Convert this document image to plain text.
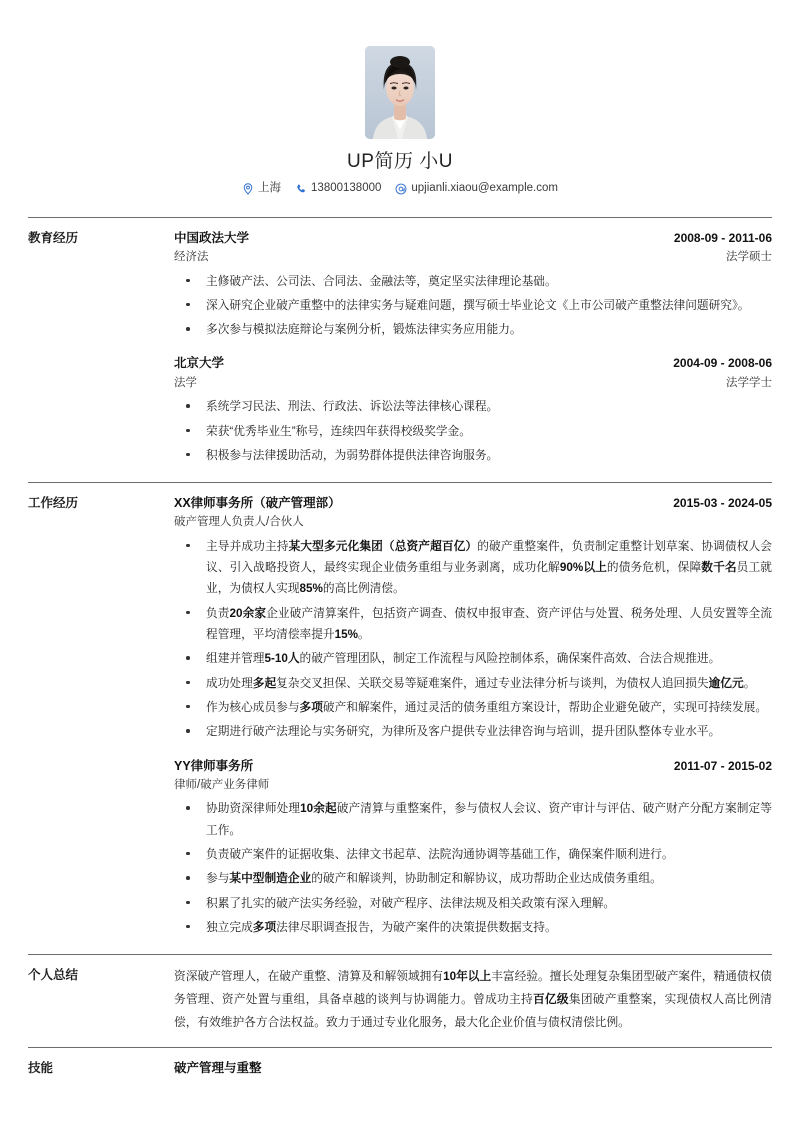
UP简历 小U
上海	13800138000	upjianli.xiaou@example.com
教育经历	中国政法大学	2008-09 - 2011-06
经济法	法学硕士
主修破产法、公司法、合同法、金融法等，奠定坚实法律理论基础。
深入研究企业破产重整中的法律实务与疑难问题，撰写硕士毕业论文《上市公司破产重整法律问题研究》。
多次参与模拟法庭辩论与案例分析，锻炼法律实务应用能力。
北京大学	2004-09 - 2008-06
法学	法学学士
系统学习民法、刑法、行政法、诉讼法等法律核心课程。
荣获“优秀毕业生”称号，连续四年获得校级奖学金。
积极参与法律援助活动，为弱势群体提供法律咨询服务。
工作经历	XX律师事务所（破产管理部）	2015-03 - 2024-05
破产管理人负责人/合伙人
主导并成功主持某大型多元化集团（总资产超百亿）的破产重整案件，负责制定重整计划草案、协调债权人会议、引入战略投资人，最终实现企业债务重组与业务剥离，成功化解90%以上的债务危机，保障数千名员工就业，为债权人实现85%的高比例清偿。
负责20余家企业破产清算案件，包括资产调查、债权申报审查、资产评估与处置、税务处理、人员安置等全流程管理，平均清偿率提升15%。
组建并管理5-10人的破产管理团队，制定工作流程与风险控制体系，确保案件高效、合法合规推进。
成功处理多起复杂交叉担保、关联交易等疑难案件，通过专业法律分析与谈判，为债权人追回损失逾亿元。
作为核心成员参与多项破产和解案件，通过灵活的债务重组方案设计，帮助企业避免破产，实现可持续发展。
定期进行破产法理论与实务研究，为律所及客户提供专业法律咨询与培训，提升团队整体专业水平。
YY律师事务所	2011-07 - 2015-02
律师/破产业务律师
协助资深律师处理10余起破产清算与重整案件，参与债权人会议、资产审计与评估、破产财产分配方案制定等工作。
负责破产案件的证据收集、法律文书起草、法院沟通协调等基础工作，确保案件顺利进行。
参与某中型制造企业的破产和解谈判，协助制定和解协议，成功帮助企业达成债务重组。
积累了扎实的破产法实务经验，对破产程序、法律法规及相关政策有深入理解。
独立完成多项法律尽职调查报告，为破产案件的决策提供数据支持。
个人总结	资深破产管理人，在破产重整、清算及和解领域拥有10年以上丰富经验。擅长处理复杂集团型破产案件，精通债权债务管理、资产处置与重组，具备卓越的谈判与协调能力。曾成功主持百亿级集团破产重整案，实现债权人高比例清偿，有效维护各方合法权益。致力于通过专业化服务，最大化企业价值与债权清偿比例。
技能	破产管理与重整
